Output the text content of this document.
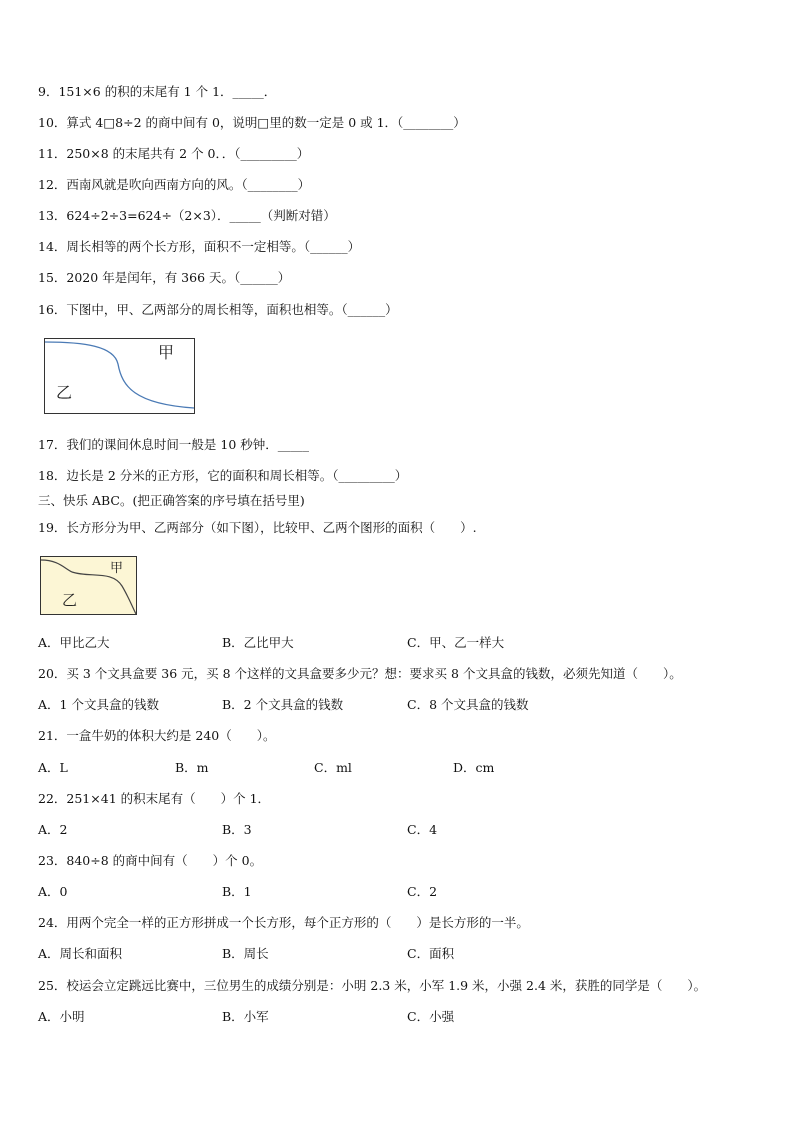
9．151×6 的积的末尾有 1 个 1．_____．
10．算式 4□8÷2 的商中间有 0，说明□里的数一定是 0 或 1．（________）
11．250×8 的末尾共有 2 个 0．．（_________）
12．西南风就是吹向西南方向的风。（________）
13．624÷2÷3=624÷（2×3）．_____（判断对错）
14．周长相等的两个长方形，面积不一定相等。（______）
15．2020 年是闰年，有 366 天。（______）
16．下图中，甲、乙两部分的周长相等，面积也相等。（______）
甲
乙
17．我们的课间休息时间一般是 10 秒钟．_____
18．边长是 2 分米的正方形，它的面积和周长相等。（_________）
三、快乐 ABC。(把正确答案的序号填在括号里)
19．长方形分为甲、乙两部分（如下图），比较甲、乙两个图形的面积（　　）.
甲
乙
A．甲比乙大	B．乙比甲大	C．甲、乙一样大
20．买 3 个文具盒要 36 元，买 8 个这样的文具盒要多少元？想：要求买 8 个文具盒的钱数，必须先知道（　　）。
A．1 个文具盒的钱数	B．2 个文具盒的钱数	C．8 个文具盒的钱数
21．一盒牛奶的体积大约是 240（　　）。
A．L	B．m	C．ml	D．cm
22．251×41 的积末尾有（　　）个 1．
A．2	B．3	C．4
23．840÷8 的商中间有（　　）个 0。
A．0	B．1	C．2
24．用两个完全一样的正方形拼成一个长方形，每个正方形的（　　）是长方形的一半。
A．周长和面积	B．周长	C．面积
25．校运会立定跳远比赛中，三位男生的成绩分别是：小明 2.3 米，小军 1.9 米，小强 2.4 米，获胜的同学是（　　）。
A．小明	B．小军	C．小强
